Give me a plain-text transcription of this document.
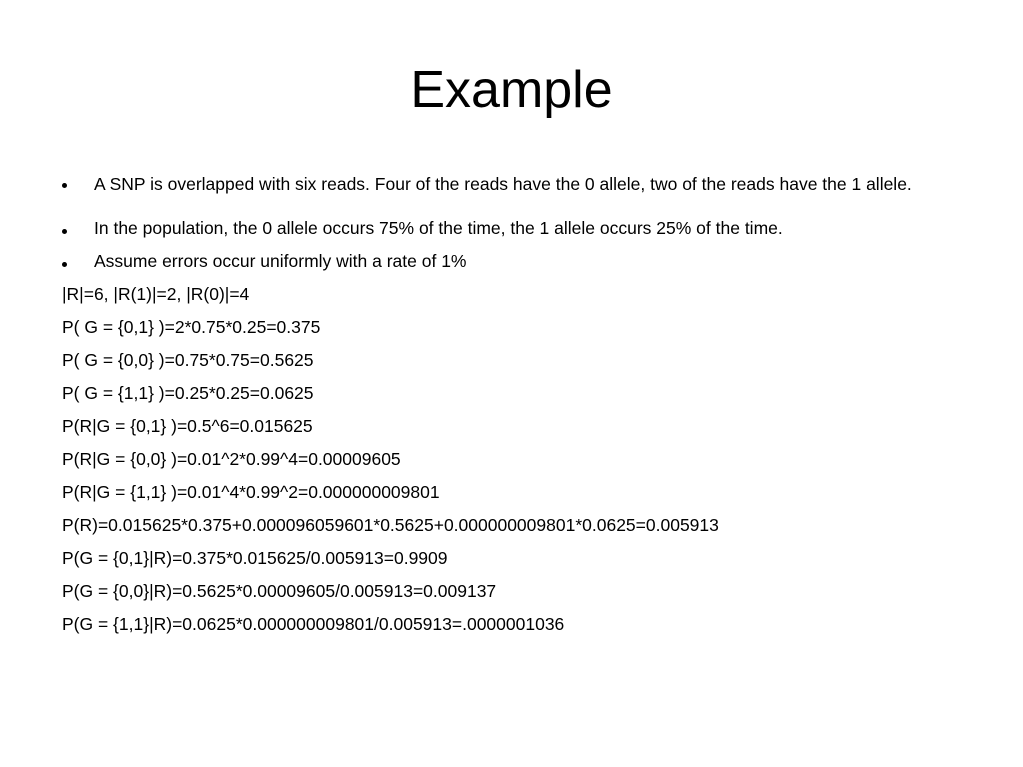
Example
A SNP is overlapped with six reads. Four of the reads have the 0 allele, two of the reads have the 1 allele.
In the population, the 0 allele occurs 75% of the time, the 1 allele occurs 25% of the time.
Assume errors occur uniformly with a rate of 1%
|R|=6, |R(1)|=2, |R(0)|=4
P( G = {0,1} )=2*0.75*0.25=0.375
P( G = {0,0} )=0.75*0.75=0.5625
P( G = {1,1} )=0.25*0.25=0.0625
P(R|G = {0,1} )=0.5^6=0.015625
P(R|G = {0,0} )=0.01^2*0.99^4=0.00009605
P(R|G = {1,1} )=0.01^4*0.99^2=0.000000009801
P(R)=0.015625*0.375+0.000096059601*0.5625+0.000000009801*0.0625=0.005913
P(G = {0,1}|R)=0.375*0.015625/0.005913=0.9909
P(G = {0,0}|R)=0.5625*0.00009605/0.005913=0.009137
P(G = {1,1}|R)=0.0625*0.000000009801/0.005913=.0000001036
